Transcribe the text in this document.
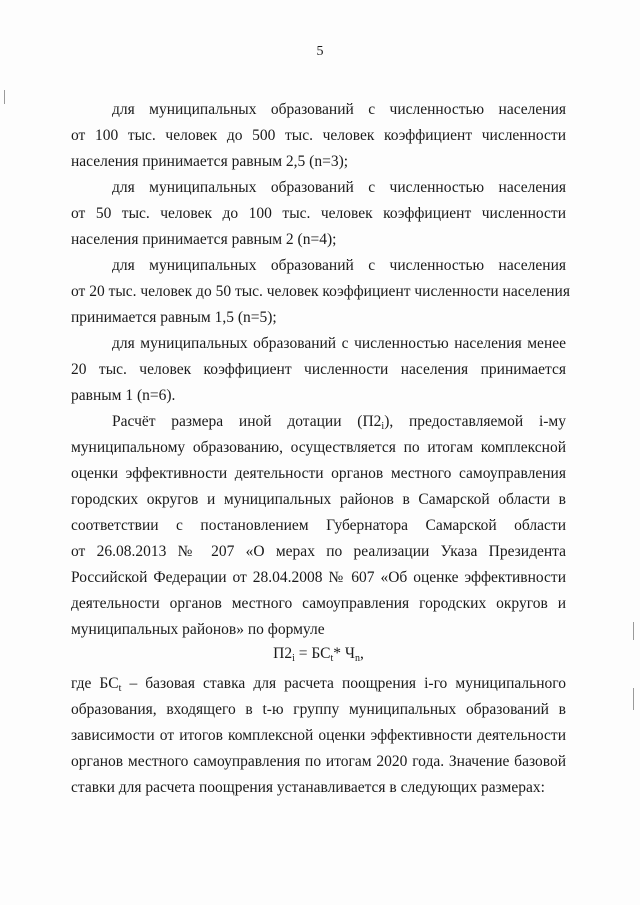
5
для муниципальных образований с численностью населения
от 100 тыс. человек до 500 тыс. человек коэффициент численности
населения принимается равным 2,5 (n=3);
для муниципальных образований с численностью населения
от 50 тыс. человек до 100 тыс. человек коэффициент численности
населения принимается равным 2 (n=4);
для муниципальных образований с численностью населения
от 20 тыс. человек до 50 тыс. человек коэффициент численности населения
принимается равным 1,5 (n=5);
для муниципальных образований с численностью населения менее
20 тыс. человек коэффициент численности населения принимается
равным 1 (n=6).
Расчёт размера иной дотации $(П2_i)$, предоставляемой i-му
муниципальному образованию, осуществляется по итогам комплексной
оценки эффективности деятельности органов местного самоуправления
городских округов и муниципальных районов в Самарской области в
соответствии с постановлением Губернатора Самарской области
от 26.08.2013 № 207 «О мерах по реализации Указа Президента
Российской Федерации от 28.04.2008 № 607 «Об оценке эффективности
деятельности органов местного самоуправления городских округов и
муниципальных районов» по формуле
$П2_i = БС_t*$ $Ч_n$,
где $БС_t$ – базовая ставка для расчета поощрения i-го муниципального
образования, входящего в t-ю группу муниципальных образований в
зависимости от итогов комплексной оценки эффективности деятельности
органов местного самоуправления по итогам 2020 года. Значение базовой
ставки для расчета поощрения устанавливается в следующих размерах:
